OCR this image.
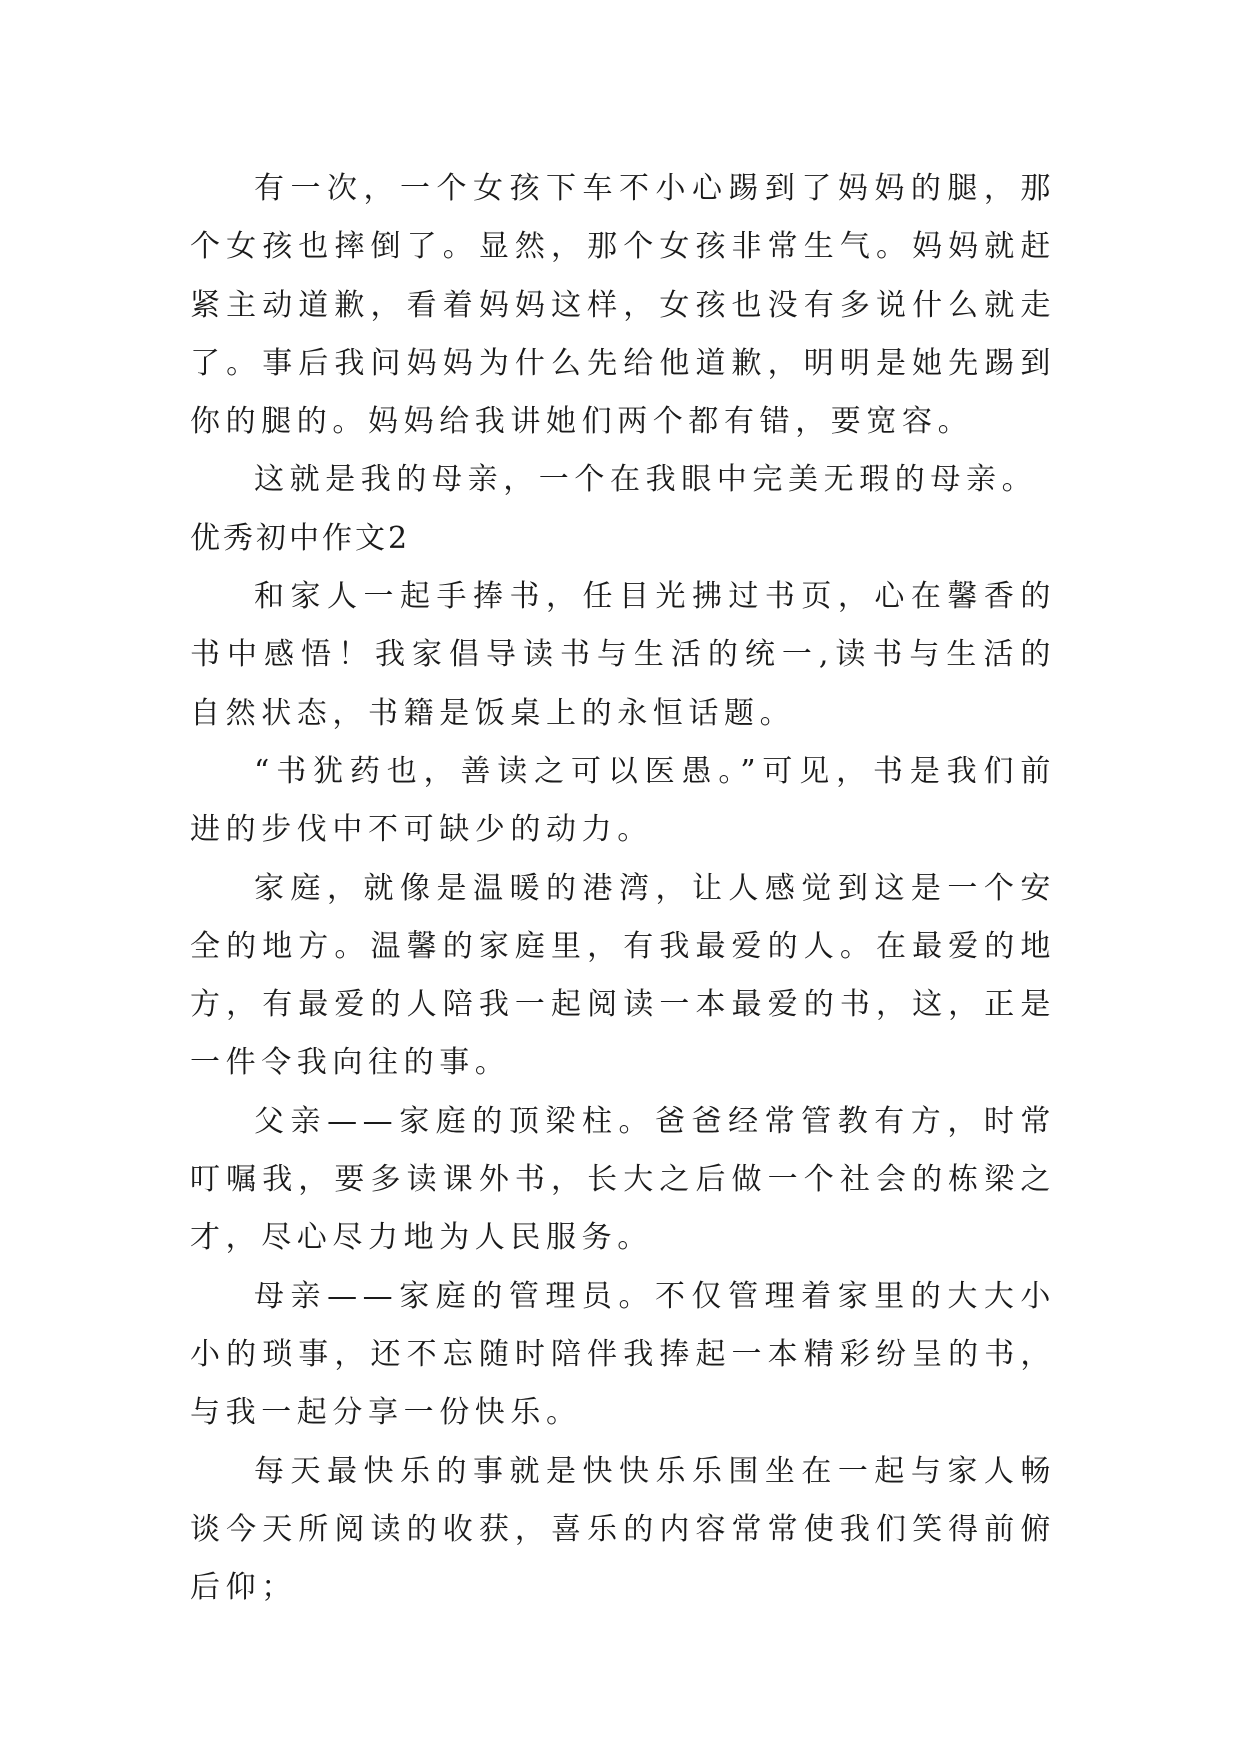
有一次，一个女孩下车不小心踢到了妈妈的腿，那个女孩也摔倒了。显然，那个女孩非常生气。妈妈就赶紧主动道歉，看着妈妈这样，女孩也没有多说什么就走了。事后我问妈妈为什么先给他道歉，明明是她先踢到你的腿的。妈妈给我讲她们两个都有错，要宽容。

这就是我的母亲，一个在我眼中完美无瑕的母亲。

优秀初中作文2

和家人一起手捧书，任目光拂过书页，心在馨香的书中感悟！我家倡导读书与生活的统一,读书与生活的自然状态，书籍是饭桌上的永恒话题。

“书犹药也，善读之可以医愚。”可见，书是我们前进的步伐中不可缺少的动力。

家庭，就像是温暖的港湾，让人感觉到这是一个安全的地方。温馨的家庭里，有我最爱的人。在最爱的地方，有最爱的人陪我一起阅读一本最爱的书，这，正是一件令我向往的事。

父亲——家庭的顶梁柱。爸爸经常管教有方，时常叮嘱我，要多读课外书，长大之后做一个社会的栋梁之才，尽心尽力地为人民服务。

母亲——家庭的管理员。不仅管理着家里的大大小小的琐事，还不忘随时陪伴我捧起一本精彩纷呈的书，与我一起分享一份快乐。

每天最快乐的事就是快快乐乐围坐在一起与家人畅谈今天所阅读的收获，喜乐的内容常常使我们笑得前俯后仰；
